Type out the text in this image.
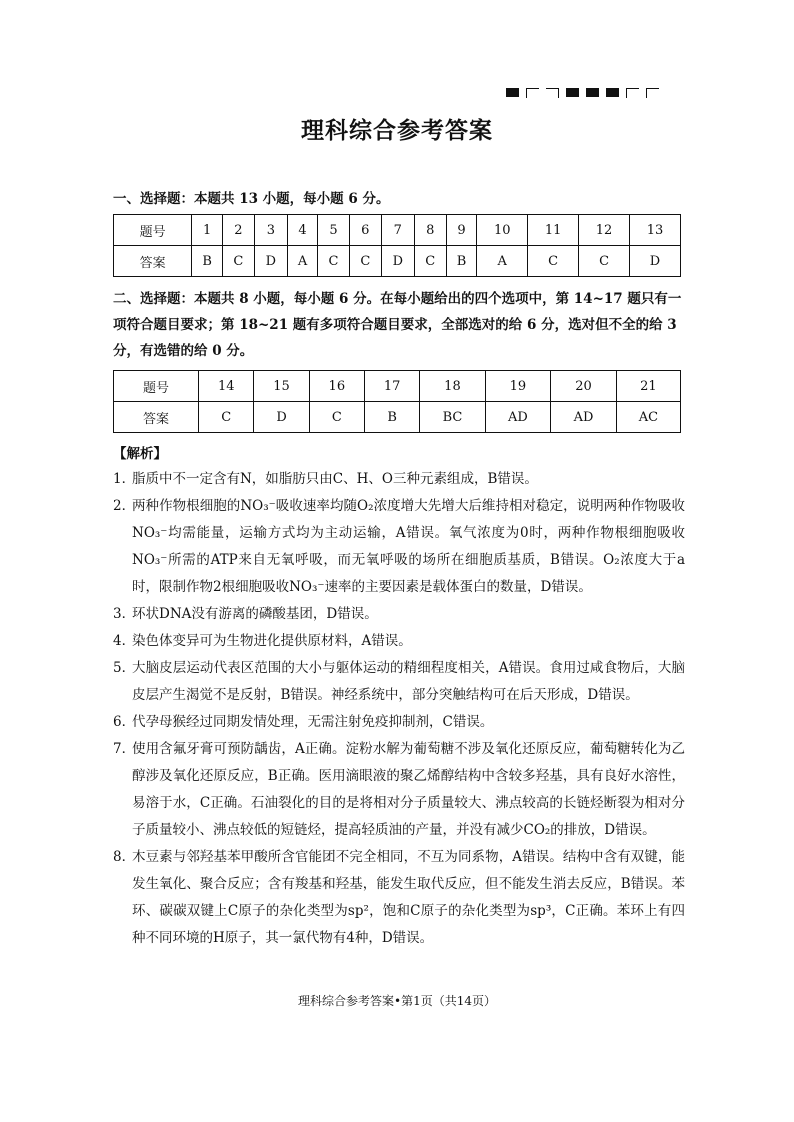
理科综合参考答案
一、选择题：本题共 13 小题，每小题 6 分。
题号	1	2	3	4	5	6	7	8	9	10	11	12	13
答案	B	C	D	A	C	C	D	C	B	A	C	C	D
二、选择题：本题共 8 小题，每小题 6 分。在每小题给出的四个选项中，第 14~17 题只有一项符合题目要求；第 18~21 题有多项符合题目要求，全部选对的给 6 分，选对但不全的给 3 分，有选错的给 0 分。
题号	14	15	16	17	18	19	20	21
答案	C	D	C	B	BC	AD	AD	AC
【解析】
1．
脂质中不一定含有N，如脂肪只由C、H、O三种元素组成，B错误。
2．
两种作物根细胞的NO₃⁻吸收速率均随O₂浓度增大先增大后维持相对稳定，说明两种作物吸收NO₃⁻均需能量，运输方式均为主动运输，A错误。氧气浓度为0时，两种作物根细胞吸收NO₃⁻所需的ATP来自无氧呼吸，而无氧呼吸的场所在细胞质基质，B错误。O₂浓度大于a时，限制作物2根细胞吸收NO₃⁻速率的主要因素是载体蛋白的数量，D错误。
3．
环状DNA没有游离的磷酸基团，D错误。
4．
染色体变异可为生物进化提供原材料，A错误。
5．
大脑皮层运动代表区范围的大小与躯体运动的精细程度相关，A错误。食用过咸食物后，大脑皮层产生渴觉不是反射，B错误。神经系统中，部分突触结构可在后天形成，D错误。
6．
代孕母猴经过同期发情处理，无需注射免疫抑制剂，C错误。
7．
使用含氟牙膏可预防龋齿，A正确。淀粉水解为葡萄糖不涉及氧化还原反应，葡萄糖转化为乙醇涉及氧化还原反应，B正确。医用滴眼液的聚乙烯醇结构中含较多羟基，具有良好水溶性，易溶于水，C正确。石油裂化的目的是将相对分子质量较大、沸点较高的长链烃断裂为相对分子质量较小、沸点较低的短链烃，提高轻质油的产量，并没有减少CO₂的排放，D错误。
8．
木豆素与邻羟基苯甲酸所含官能团不完全相同，不互为同系物，A错误。结构中含有双键，能发生氧化、聚合反应；含有羧基和羟基，能发生取代反应，但不能发生消去反应，B错误。苯环、碳碳双键上C原子的杂化类型为sp²，饱和C原子的杂化类型为sp³，C正确。苯环上有四种不同环境的H原子，其一氯代物有4种，D错误。
理科综合参考答案•第1页（共14页）
